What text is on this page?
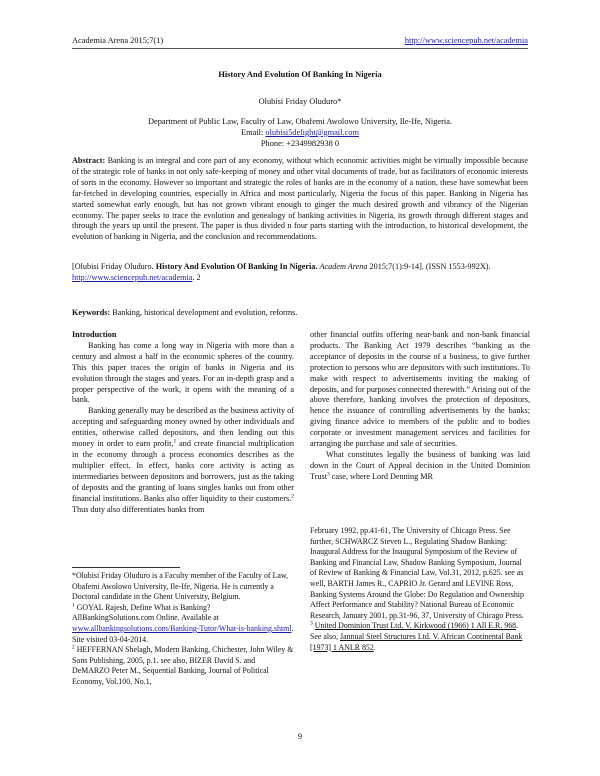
Academia Arena 2015;7(1)	http://www.sciencepub.net/academia
History And Evolution Of Banking In Nigeria
Olubisi Friday Oluduro*
Department of Public Law, Faculty of Law, Obafemi Awolowo University, Ile-Ife, Nigeria.
Email: olubisi5delight@gmail.com
Phone: +2349982938 0
Abstract: Banking is an integral and core part of any economy, without which economic activities might be virtually impossible because of the strategic role of banks in not only safe-keeping of money and other vital documents of trade, but as facilitators of economic interests of sorts in the economy. However so important and strategic the roles of banks are in the economy of a nation, these have somewhat been far-fetched in developing countries, especially in Africa and most particularly, Nigeria the focus of this paper. Banking in Nigeria has started somewhat early enough, but has not grown vibrant enough to ginger the much desired growth and vibrancy of the Nigerian economy. The paper seeks to trace the evolution and genealogy of banking activities in Nigeria, its growth through different stages and through the years up until the present. The paper is thus divided n four parts starting with the introduction, to historical development, the evolution of banking in Nigeria, and the conclusion and recommendations.
[Olubisi Friday Oluduro. History And Evolution Of Banking In Nigeria. Academ Arena 2015;7(1):9-14]. (ISSN 1553-992X). http://www.sciencepub.net/academia. 2
Keywords: Banking, historical development and evolution, reforms.

Introduction

Banking has come a long way in Nigeria with more than a century and almost a half in the economic spheres of the country. This this paper traces the origin of banks in Nigeria and its evolution through the stages and years. For an in-depth grasp and a proper perspective of the work, it opens with the meaning of a bank.

Banking generally may be described as the business activity of accepting and safeguarding money owned by other individuals and entities, otherwise called depositors, and then lending out this money in order to earn profit,$^1$ and create financial multiplication in the economy through a process economics describes as the multiplier effect. In effect, banks core activity is acting as intermediaries between depositors and borrowers, just as the taking of deposits and the granting of loans singles banks out from other financial institutions. Banks also offer liquidity to their customers.$^2$ Thus duty also differentiates banks from

other financial outfits offering near-bank and non-bank financial products. The Banking Act 1979 describes “banking as the acceptance of deposits in the course of a business, to give further protection to persons who are depositors with such institutions. To make with respect to advertisements inviting the making of deposits, and for purposes connected therewith.” Arising out of the above therefore, banking involves the protection of depositors, hence the issuance of controlling advertisements by the banks; giving finance advice to members of the public and to bodies corporate or investment management services and facilities for arranging the purchase and sale of securities.

What constitutes legally the business of banking was laid down in the Court of Appeal decision in the United Dominion Trust$^3$ case, where Lord Denning MR

*Olubisi Friday Oluduro is a Faculty member of the Faculty of Law, Obafemi Awolowo University, Ile-Ife, Nigeria. He is currently a Doctoral candidate in the Ghent University, Belgium.

$^1$ GOYAL Rajesh, Define What is Banking? AllBankingSolutions.com Online. Available at www.allbankingsolutions.com/Banking-Tutor/What-is-banking.shtml. Site visited 03-04-2014.

$^2$ HEFFERNAN Shelagh, Modern Banking, Chichester, John Wiley & Sons Publishing, 2005, p.1. see also, BIZER David S. and DeMARZO Peter M., Sequential Banking, Journal of Political Economy, Vol.100, No.1,

February 1992, pp.41-61, The University of Chicago Press. See further, SCHWARCZ Steven L., Regulating Shadow Banking: Inaugural Address for the Inaugural Symposium of the Review of Banking and Financial Law, Shadow Banking Symposium, Journal of Review of Banking & Financial Law, Vol.31, 2012, p.625. see as well, BARTH James R., CAPRIO Jr. Gerard and LEVINE Ross, Banking Systems Around the Globe: Do Regulation and Ownership Affect Performance and Stability? National Bureau of Economic Research, January 2001, pp.31-96, 37, University of Chicago Press.

$^3$ United Dominion Trust Ltd. V. Kirkwood (1966) 1 All E.R. 968. See also, Jannual Steel Structures Ltd. V. African Continental Bank [1973] 1 ANLR 852.

9
